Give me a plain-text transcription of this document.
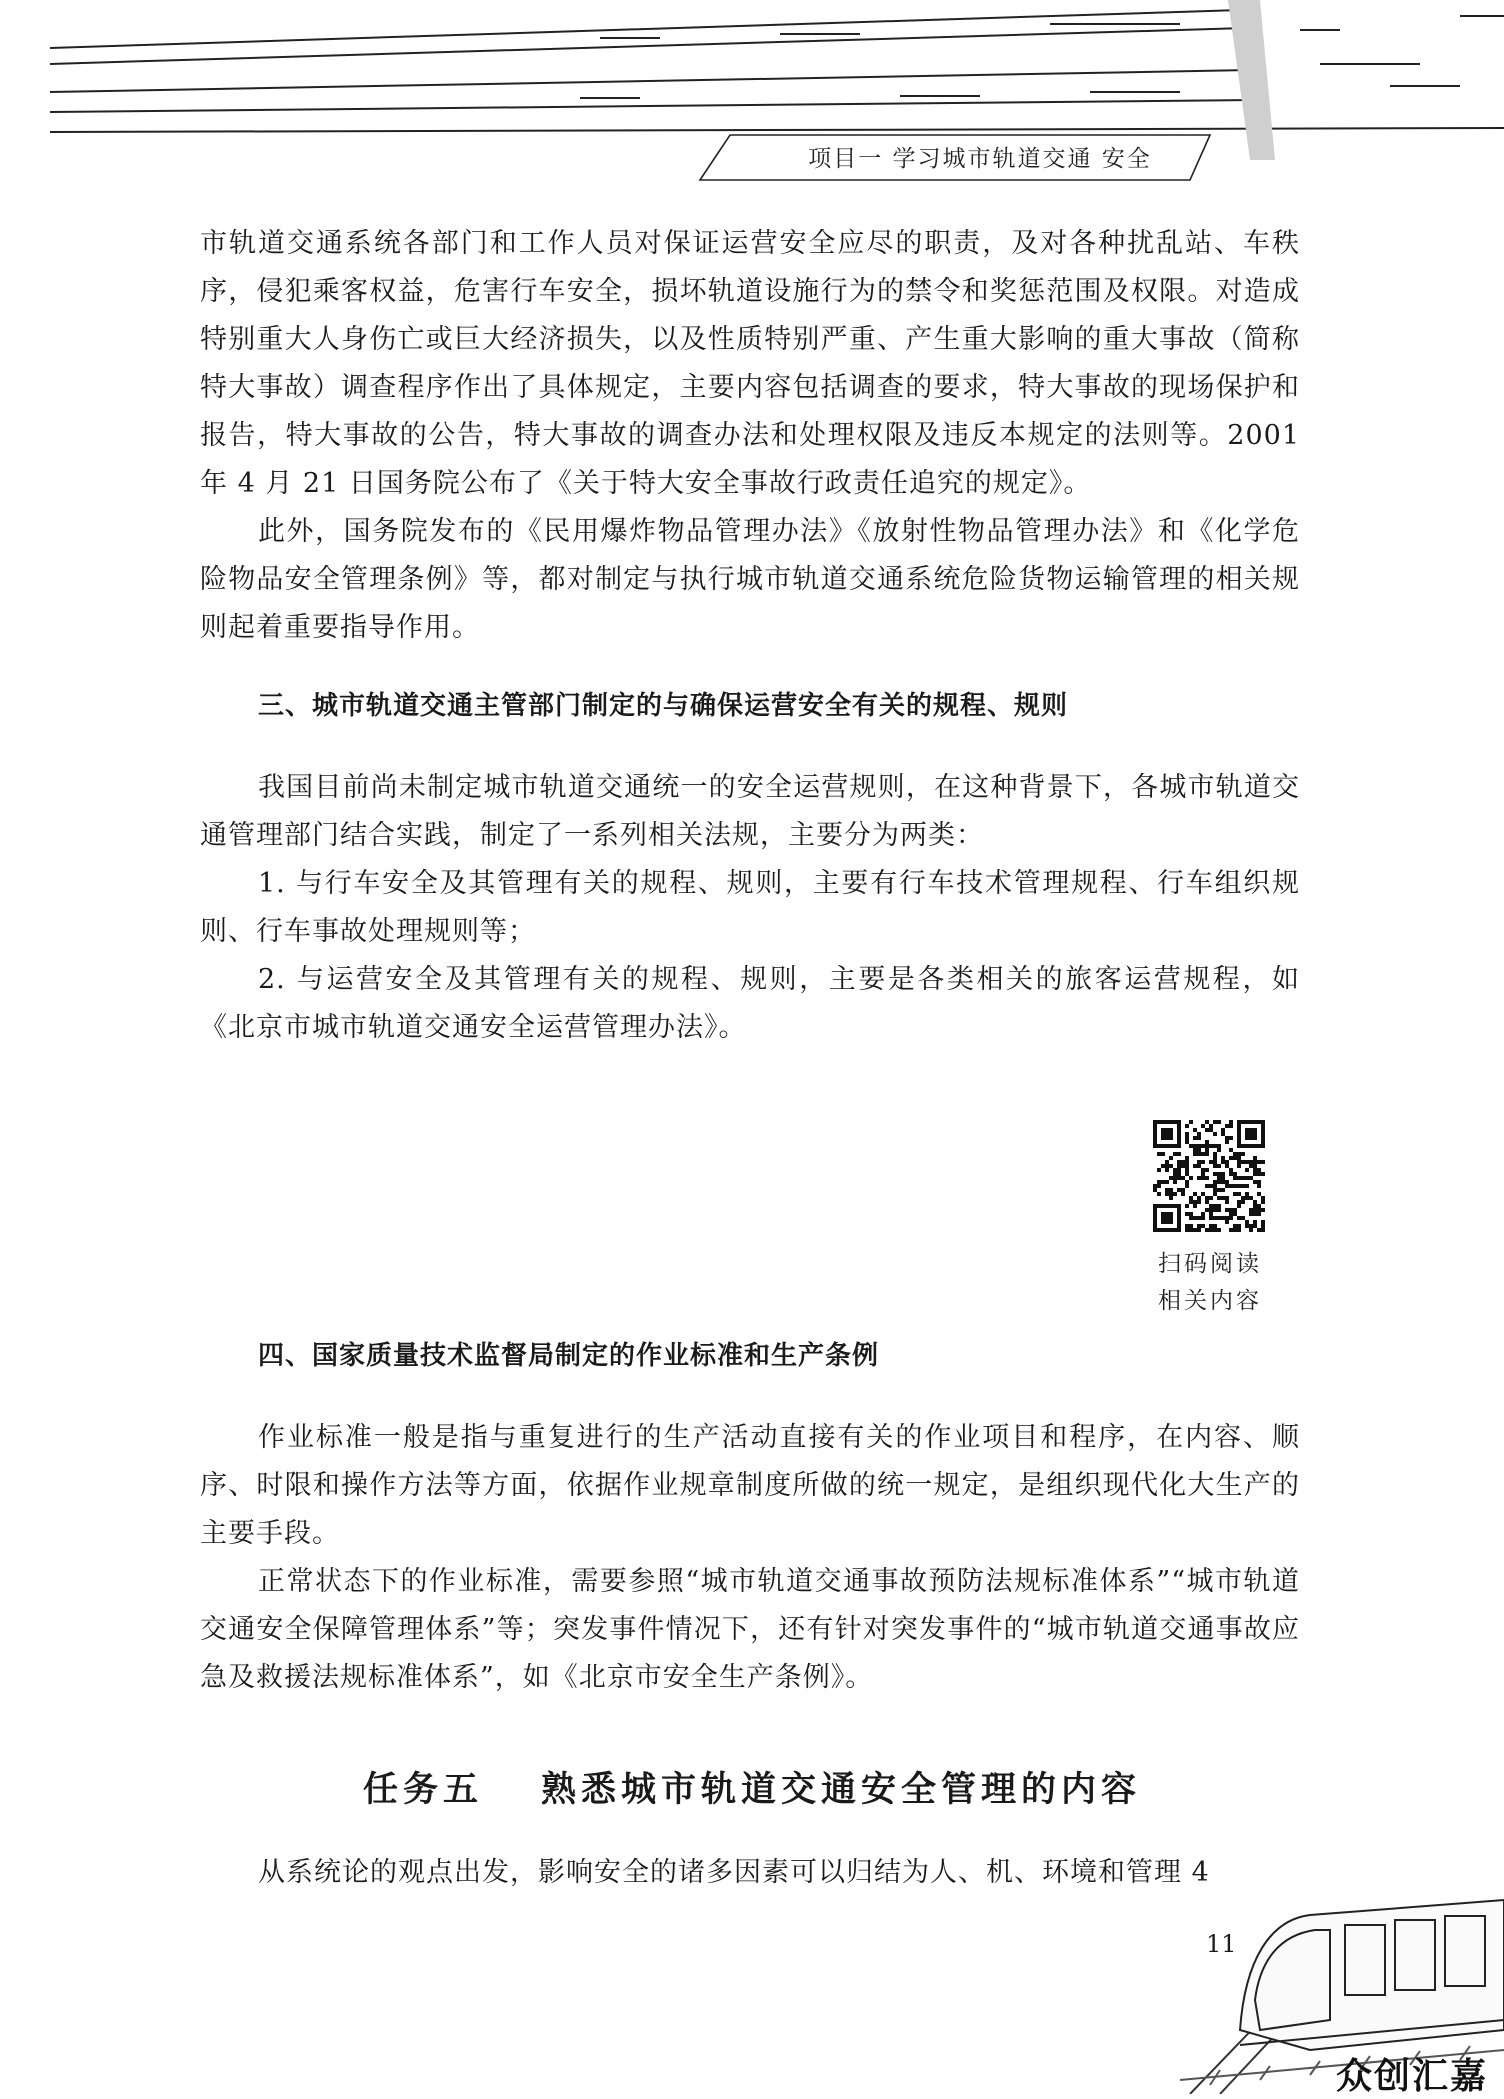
项目一 学习城市轨道交通 安全

市轨道交通系统各部门和工作人员对保证运营安全应尽的职责，及对各种扰乱站、车秩序，侵犯乘客权益，危害行车安全，损坏轨道设施行为的禁令和奖惩范围及权限。对造成特别重大人身伤亡或巨大经济损失，以及性质特别严重、产生重大影响的重大事故（简称特大事故）调查程序作出了具体规定，主要内容包括调查的要求，特大事故的现场保护和报告，特大事故的公告，特大事故的调查办法和处理权限及违反本规定的法则等。2001 年 4 月 21 日国务院公布了《关于特大安全事故行政责任追究的规定》。

此外，国务院发布的《民用爆炸物品管理办法》《放射性物品管理办法》和《化学危险物品安全管理条例》等，都对制定与执行城市轨道交通系统危险货物运输管理的相关规则起着重要指导作用。

三、城市轨道交通主管部门制定的与确保运营安全有关的规程、规则

我国目前尚未制定城市轨道交通统一的安全运营规则，在这种背景下，各城市轨道交通管理部门结合实践，制定了一系列相关法规，主要分为两类：

1. 与行车安全及其管理有关的规程、规则，主要有行车技术管理规程、行车组织规则、行车事故处理规则等；

2. 与运营安全及其管理有关的规程、规则，主要是各类相关的旅客运营规程，如《北京市城市轨道交通安全运营管理办法》。

四、国家质量技术监督局制定的作业标准和生产条例

作业标准一般是指与重复进行的生产活动直接有关的作业项目和程序，在内容、顺序、时限和操作方法等方面，依据作业规章制度所做的统一规定，是组织现代化大生产的主要手段。

正常状态下的作业标准，需要参照“城市轨道交通事故预防法规标准体系”“城市轨道交通安全保障管理体系”等；突发事件情况下，还有针对突发事件的“城市轨道交通事故应急及救援法规标准体系”，如《北京市安全生产条例》。

扫码阅读
相关内容
任务五 熟悉城市轨道交通安全管理的内容

从系统论的观点出发，影响安全的诸多因素可以归结为人、机、环境和管理 4

11
众创汇嘉
